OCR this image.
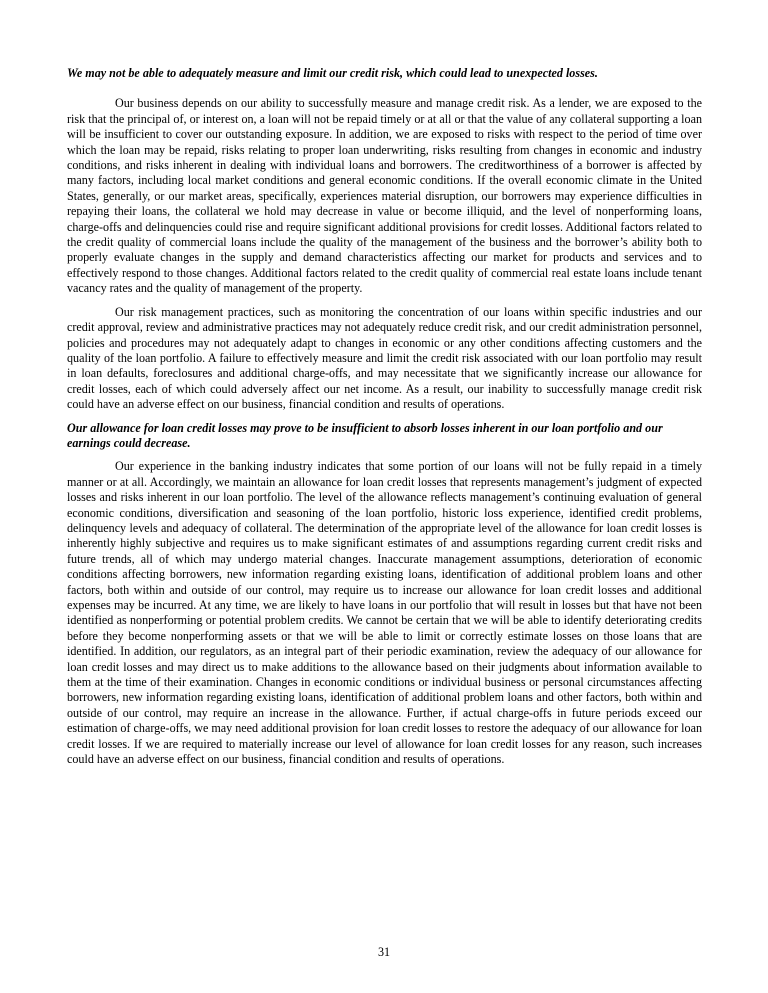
We may not be able to adequately measure and limit our credit risk, which could lead to unexpected losses.

Our business depends on our ability to successfully measure and manage credit risk. As a lender, we are exposed to the risk that the principal of, or interest on, a loan will not be repaid timely or at all or that the value of any collateral supporting a loan will be insufficient to cover our outstanding exposure. In addition, we are exposed to risks with respect to the period of time over which the loan may be repaid, risks relating to proper loan underwriting, risks resulting from changes in economic and industry conditions, and risks inherent in dealing with individual loans and borrowers. The creditworthiness of a borrower is affected by many factors, including local market conditions and general economic conditions. If the overall economic climate in the United States, generally, or our market areas, specifically, experiences material disruption, our borrowers may experience difficulties in repaying their loans, the collateral we hold may decrease in value or become illiquid, and the level of nonperforming loans, charge-offs and delinquencies could rise and require significant additional provisions for credit losses. Additional factors related to the credit quality of commercial loans include the quality of the management of the business and the borrower’s ability both to properly evaluate changes in the supply and demand characteristics affecting our market for products and services and to effectively respond to those changes. Additional factors related to the credit quality of commercial real estate loans include tenant vacancy rates and the quality of management of the property.

Our risk management practices, such as monitoring the concentration of our loans within specific industries and our credit approval, review and administrative practices may not adequately reduce credit risk, and our credit administration personnel, policies and procedures may not adequately adapt to changes in economic or any other conditions affecting customers and the quality of the loan portfolio. A failure to effectively measure and limit the credit risk associated with our loan portfolio may result in loan defaults, foreclosures and additional charge-offs, and may necessitate that we significantly increase our allowance for credit losses, each of which could adversely affect our net income. As a result, our inability to successfully manage credit risk could have an adverse effect on our business, financial condition and results of operations.

Our allowance for loan credit losses may prove to be insufficient to absorb losses inherent in our loan portfolio and our earnings could decrease.

Our experience in the banking industry indicates that some portion of our loans will not be fully repaid in a timely manner or at all. Accordingly, we maintain an allowance for loan credit losses that represents management’s judgment of expected losses and risks inherent in our loan portfolio. The level of the allowance reflects management’s continuing evaluation of general economic conditions, diversification and seasoning of the loan portfolio, historic loss experience, identified credit problems, delinquency levels and adequacy of collateral. The determination of the appropriate level of the allowance for loan credit losses is inherently highly subjective and requires us to make significant estimates of and assumptions regarding current credit risks and future trends, all of which may undergo material changes. Inaccurate management assumptions, deterioration of economic conditions affecting borrowers, new information regarding existing loans, identification of additional problem loans and other factors, both within and outside of our control, may require us to increase our allowance for loan credit losses and additional expenses may be incurred. At any time, we are likely to have loans in our portfolio that will result in losses but that have not been identified as nonperforming or potential problem credits. We cannot be certain that we will be able to identify deteriorating credits before they become nonperforming assets or that we will be able to limit or correctly estimate losses on those loans that are identified. In addition, our regulators, as an integral part of their periodic examination, review the adequacy of our allowance for loan credit losses and may direct us to make additions to the allowance based on their judgments about information available to them at the time of their examination. Changes in economic conditions or individual business or personal circumstances affecting borrowers, new information regarding existing loans, identification of additional problem loans and other factors, both within and outside of our control, may require an increase in the allowance. Further, if actual charge-offs in future periods exceed our estimation of charge-offs, we may need additional provision for loan credit losses to restore the adequacy of our allowance for loan credit losses. If we are required to materially increase our level of allowance for loan credit losses for any reason, such increases could have an adverse effect on our business, financial condition and results of operations.

31
